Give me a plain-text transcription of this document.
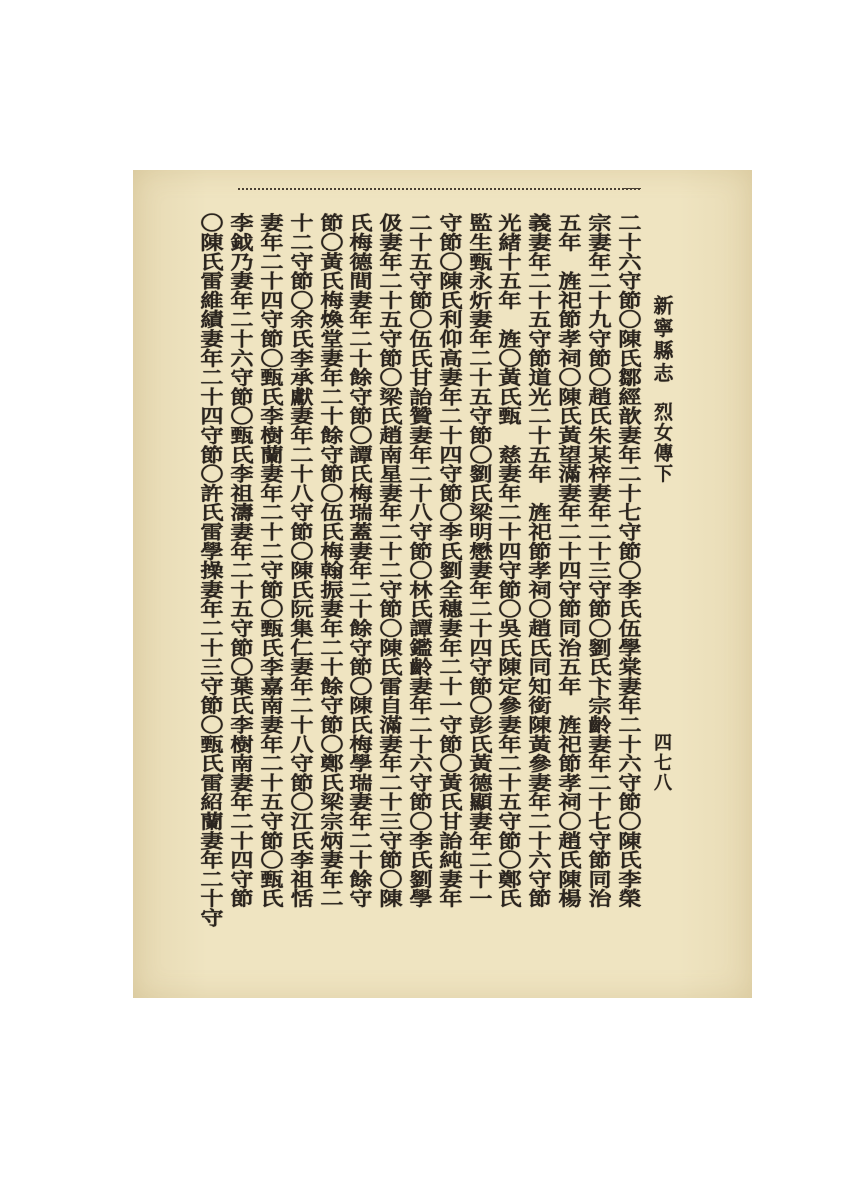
新寧縣志
烈女傳下
四七八
二十六守節〇陳氏鄒經歆妻年二十七守節〇李氏伍學棠妻年二十六守節〇陳氏李榮
宗妻年二十九守節〇趙氏朱某梓妻年二十三守節〇劉氏卞宗齡妻年二十七守節同治
五年　旌祀節孝祠〇陳氏黃望滿妻年二十四守節同治五年　旌祀節孝祠〇趙氏陳楊
義妻年二十五守節道光二十五年　旌祀節孝祠〇趙氏同知銜陳黃參妻年二十六守節
光緒十五年　旌〇黃氏甄　慈妻年二十四守節〇吳氏陳定參妻年二十五守節〇鄭氏
監生甄永炘妻年二十五守節〇劉氏梁明懋妻年二十四守節〇彭氏黃德顯妻年二十一
守節〇陳氏利仰高妻年二十四守節〇李氏劉全穗妻年二十一守節〇黃氏甘詒純妻年
二十五守節〇伍氏甘詒贊妻年二十八守節〇林氏譚鑑齡妻年二十六守節〇李氏劉學
伋妻年二十五守節〇梁氏趙南星妻年二十二守節〇陳氏雷自滿妻年二十三守節〇陳
氏梅德間妻年二十餘守節〇譚氏梅瑞蓋妻年二十餘守節〇陳氏梅學瑞妻年二十餘守
節〇黃氏梅煥堂妻年二十餘守節〇伍氏梅翰振妻年二十餘守節〇鄭氏梁宗炳妻年二
十二守節〇余氏李承獻妻年二十八守節〇陳氏阮集仁妻年二十八守節〇江氏李祖恬
妻年二十四守節〇甄氏李樹蘭妻年二十二守節〇甄氏李嘉南妻年二十五守節〇甄氏
李鉞乃妻年二十六守節〇甄氏李祖濤妻年二十五守節〇葉氏李樹南妻年二十四守節
〇陳氏雷維績妻年二十四守節〇許氏雷學操妻年二十三守節〇甄氏雷紹蘭妻年二十守
